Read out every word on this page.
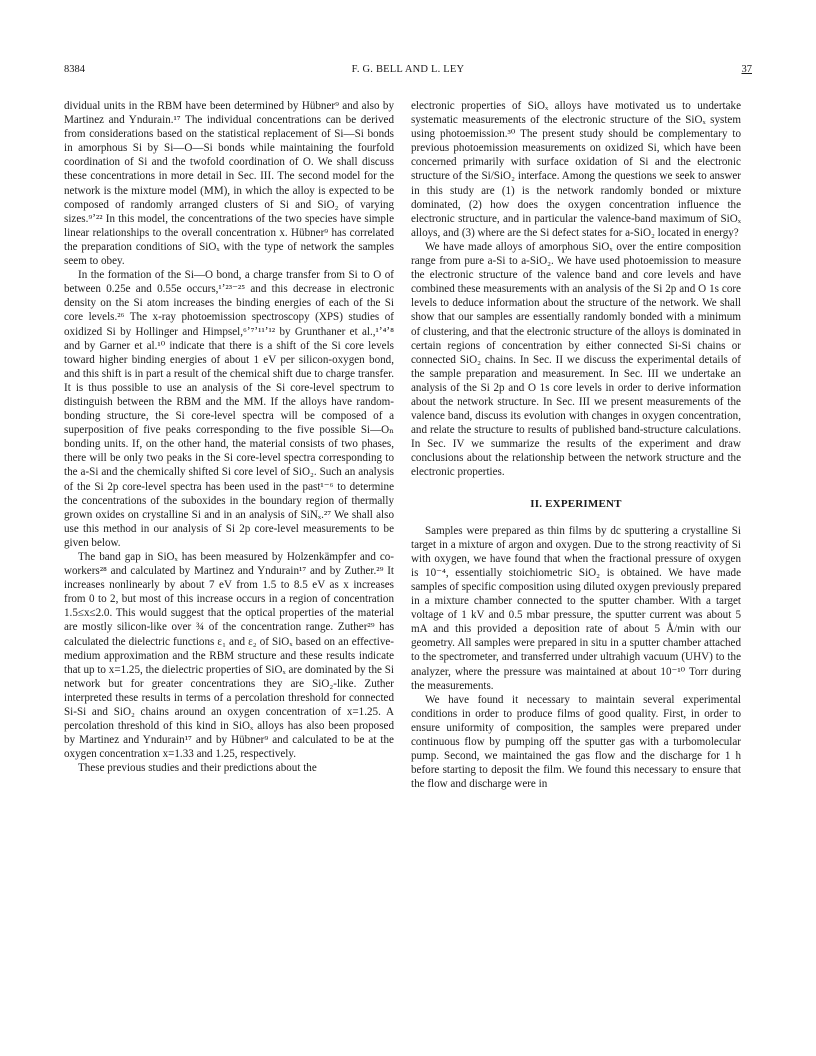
8384	F. G. BELL AND L. LEY	37

dividual units in the RBM have been determined by Hübner⁹ and also by Martinez and Yndurain.¹⁷ The individual concentrations can be derived from considerations based on the statistical replacement of Si—Si bonds in amorphous Si by Si—O—Si bonds while maintaining the fourfold coordination of Si and the twofold coordination of O. We shall discuss these concentrations in more detail in Sec. III. The second model for the network is the mixture model (MM), in which the alloy is expected to be composed of randomly arranged clusters of Si and SiO₂ of varying sizes.⁹ʼ²² In this model, the concentrations of the two species have simple linear relationships to the overall concentration x. Hübner⁹ has correlated the preparation conditions of SiOₓ with the type of network the samples seem to obey.

In the formation of the Si—O bond, a charge transfer from Si to O of between 0.25e and 0.55e occurs,¹ʼ²³⁻²⁵ and this decrease in electronic density on the Si atom increases the binding energies of each of the Si core levels.²⁶ The x-ray photoemission spectroscopy (XPS) studies of oxidized Si by Hollinger and Himpsel,⁶ʼ⁷ʼ¹¹ʼ¹² by Grunthaner et al.,¹ʼ⁴ʼ⁸ and by Garner et al.¹⁰ indicate that there is a shift of the Si core levels toward higher binding energies of about 1 eV per silicon-oxygen bond, and this shift is in part a result of the chemical shift due to charge transfer. It is thus possible to use an analysis of the Si core-level spectrum to distinguish between the RBM and the MM. If the alloys have random-bonding structure, the Si core-level spectra will be composed of a superposition of five peaks corresponding to the five possible Si—Oₙ bonding units. If, on the other hand, the material consists of two phases, there will be only two peaks in the Si core-level spectra corresponding to the a-Si and the chemically shifted Si core level of SiO₂. Such an analysis of the Si 2p core-level spectra has been used in the past¹⁻⁶ to determine the concentrations of the suboxides in the boundary region of thermally grown oxides on crystalline Si and in an analysis of SiNₓ.²⁷ We shall also use this method in our analysis of Si 2p core-level measurements to be given below.

The band gap in SiOₓ has been measured by Holzenkämpfer and co-workers²⁸ and calculated by Martinez and Yndurain¹⁷ and by Zuther.²⁹ It increases nonlinearly by about 7 eV from 1.5 to 8.5 eV as x increases from 0 to 2, but most of this increase occurs in a region of concentration 1.5≤x≤2.0. This would suggest that the optical properties of the material are mostly silicon-like over ¾ of the concentration range. Zuther²⁹ has calculated the dielectric functions ε₁ and ε₂ of SiOₓ based on an effective-medium approximation and the RBM structure and these results indicate that up to x=1.25, the dielectric properties of SiOₓ are dominated by the Si network but for greater concentrations they are SiO₂-like. Zuther interpreted these results in terms of a percolation threshold for connected Si-Si and SiO₂ chains around an oxygen concentration of x=1.25. A percolation threshold of this kind in SiOₓ alloys has also been proposed by Martinez and Yndurain¹⁷ and by Hübner⁹ and calculated to be at the oxygen concentration x=1.33 and 1.25, respectively.

These previous studies and their predictions about the

electronic properties of SiOₓ alloys have motivated us to undertake systematic measurements of the electronic structure of the SiOₓ system using photoemission.³⁰ The present study should be complementary to previous photoemission measurements on oxidized Si, which have been concerned primarily with surface oxidation of Si and the electronic structure of the Si/SiO₂ interface. Among the questions we seek to answer in this study are (1) is the network randomly bonded or mixture dominated, (2) how does the oxygen concentration influence the electronic structure, and in particular the valence-band maximum of SiOₓ alloys, and (3) where are the Si defect states for a-SiO₂ located in energy?

We have made alloys of amorphous SiOₓ over the entire composition range from pure a-Si to a-SiO₂. We have used photoemission to measure the electronic structure of the valence band and core levels and have combined these measurements with an analysis of the Si 2p and O 1s core levels to deduce information about the structure of the network. We shall show that our samples are essentially randomly bonded with a minimum of clustering, and that the electronic structure of the alloys is dominated in certain regions of concentration by either connected Si-Si chains or connected SiO₂ chains. In Sec. II we discuss the experimental details of the sample preparation and measurement. In Sec. III we undertake an analysis of the Si 2p and O 1s core levels in order to derive information about the network structure. In Sec. III we present measurements of the valence band, discuss its evolution with changes in oxygen concentration, and relate the structure to results of published band-structure calculations. In Sec. IV we summarize the results of the experiment and draw conclusions about the relationship between the network structure and the electronic properties.

II. EXPERIMENT

Samples were prepared as thin films by dc sputtering a crystalline Si target in a mixture of argon and oxygen. Due to the strong reactivity of Si with oxygen, we have found that when the fractional pressure of oxygen is 10⁻⁴, essentially stoichiometric SiO₂ is obtained. We have made samples of specific composition using diluted oxygen previously prepared in a mixture chamber connected to the sputter chamber. With a target voltage of 1 kV and 0.5 mbar pressure, the sputter current was about 5 mA and this provided a deposition rate of about 5 Å/min with our geometry. All samples were prepared in situ in a sputter chamber attached to the spectrometer, and transferred under ultrahigh vacuum (UHV) to the analyzer, where the pressure was maintained at about 10⁻¹⁰ Torr during the measurements.

We have found it necessary to maintain several experimental conditions in order to produce films of good quality. First, in order to ensure uniformity of composition, the samples were prepared under continuous flow by pumping off the sputter gas with a turbomolecular pump. Second, we maintained the gas flow and the discharge for 1 h before starting to deposit the film. We found this necessary to ensure that the flow and discharge were in
